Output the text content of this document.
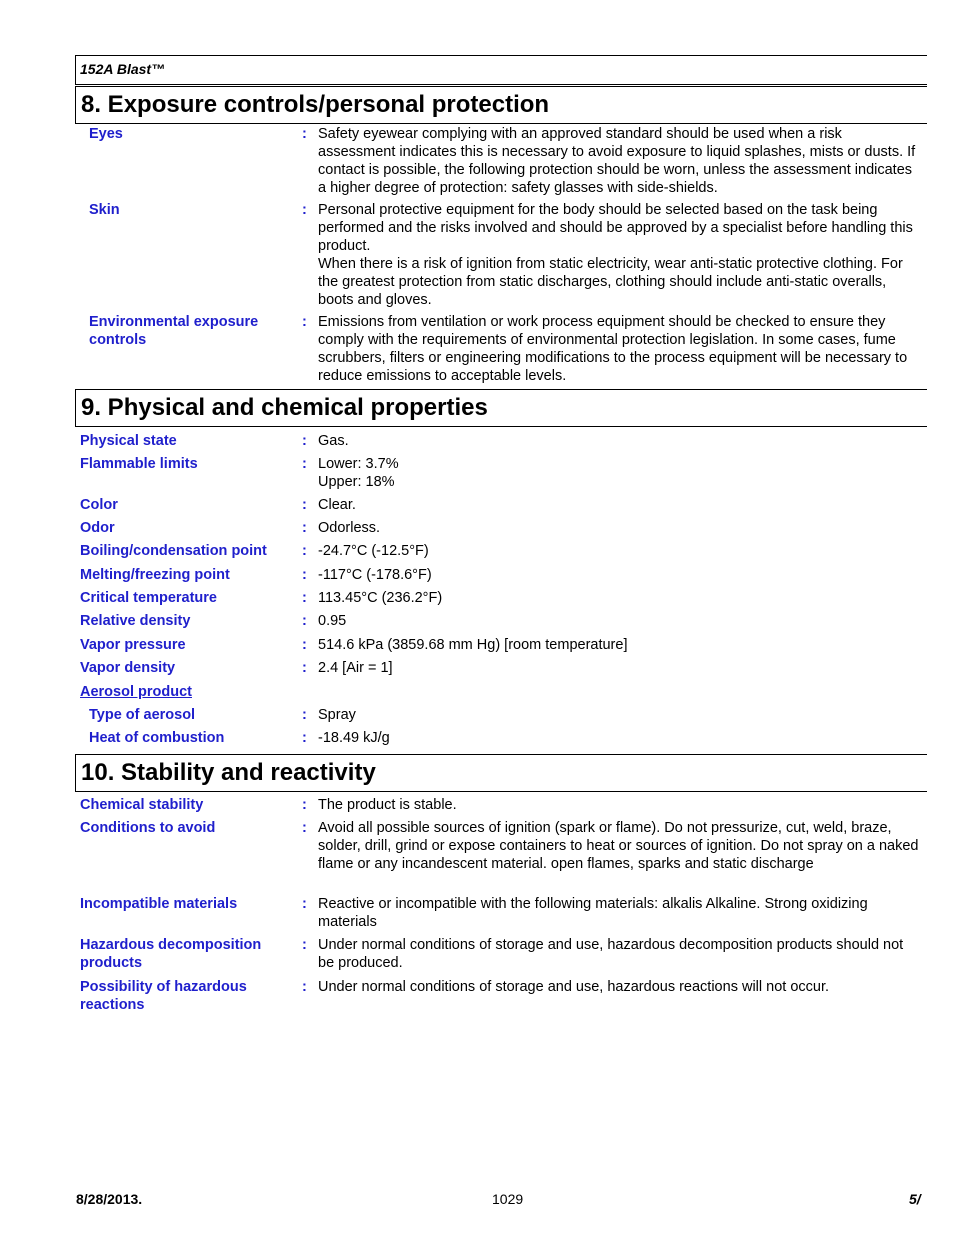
152A Blast™
8. Exposure controls/personal protection
Eyes	: Safety eyewear complying with an approved standard should be used when a risk assessment indicates this is necessary to avoid exposure to liquid splashes, mists or dusts. If contact is possible, the following protection should be worn, unless the assessment indicates a higher degree of protection: safety glasses with side-shields.
Skin	: Personal protective equipment for the body should be selected based on the task being performed and the risks involved and should be approved by a specialist before handling this product.
When there is a risk of ignition from static electricity, wear anti-static protective clothing. For the greatest protection from static discharges, clothing should include anti-static overalls, boots and gloves.
Environmental exposure controls
: Emissions from ventilation or work process equipment should be checked to ensure they comply with the requirements of environmental protection legislation. In some cases, fume scrubbers, filters or engineering modifications to the process equipment will be necessary to reduce emissions to acceptable levels.
9. Physical and chemical properties
Physical state	: Gas.
Flammable limits	: Lower: 3.7%
Upper: 18%
Color	: Clear.
Odor	: Odorless.
Boiling/condensation point	: -24.7°C (-12.5°F)
Melting/freezing point	: -117°C (-178.6°F)
Critical temperature	: 113.45°C (236.2°F)
Relative density	: 0.95
Vapor pressure	: 514.6 kPa (3859.68 mm Hg) [room temperature]
Vapor density	: 2.4 [Air = 1]
Aerosol product
Type of aerosol	: Spray
Heat of combustion	: -18.49 kJ/g
10. Stability and reactivity
Chemical stability	: The product is stable.
Conditions to avoid	: Avoid all possible sources of ignition (spark or flame). Do not pressurize, cut, weld, braze, solder, drill, grind or expose containers to heat or sources of ignition. Do not spray on a naked flame or any incandescent material. open flames, sparks and static discharge
Incompatible materials	: Reactive or incompatible with the following materials: alkalis Alkaline. Strong oxidizing materials
Hazardous decomposition products
: Under normal conditions of storage and use, hazardous decomposition products should not be produced.
Possibility of hazardous reactions
: Under normal conditions of storage and use, hazardous reactions will not occur.
8/28/2013.	1029	5/
